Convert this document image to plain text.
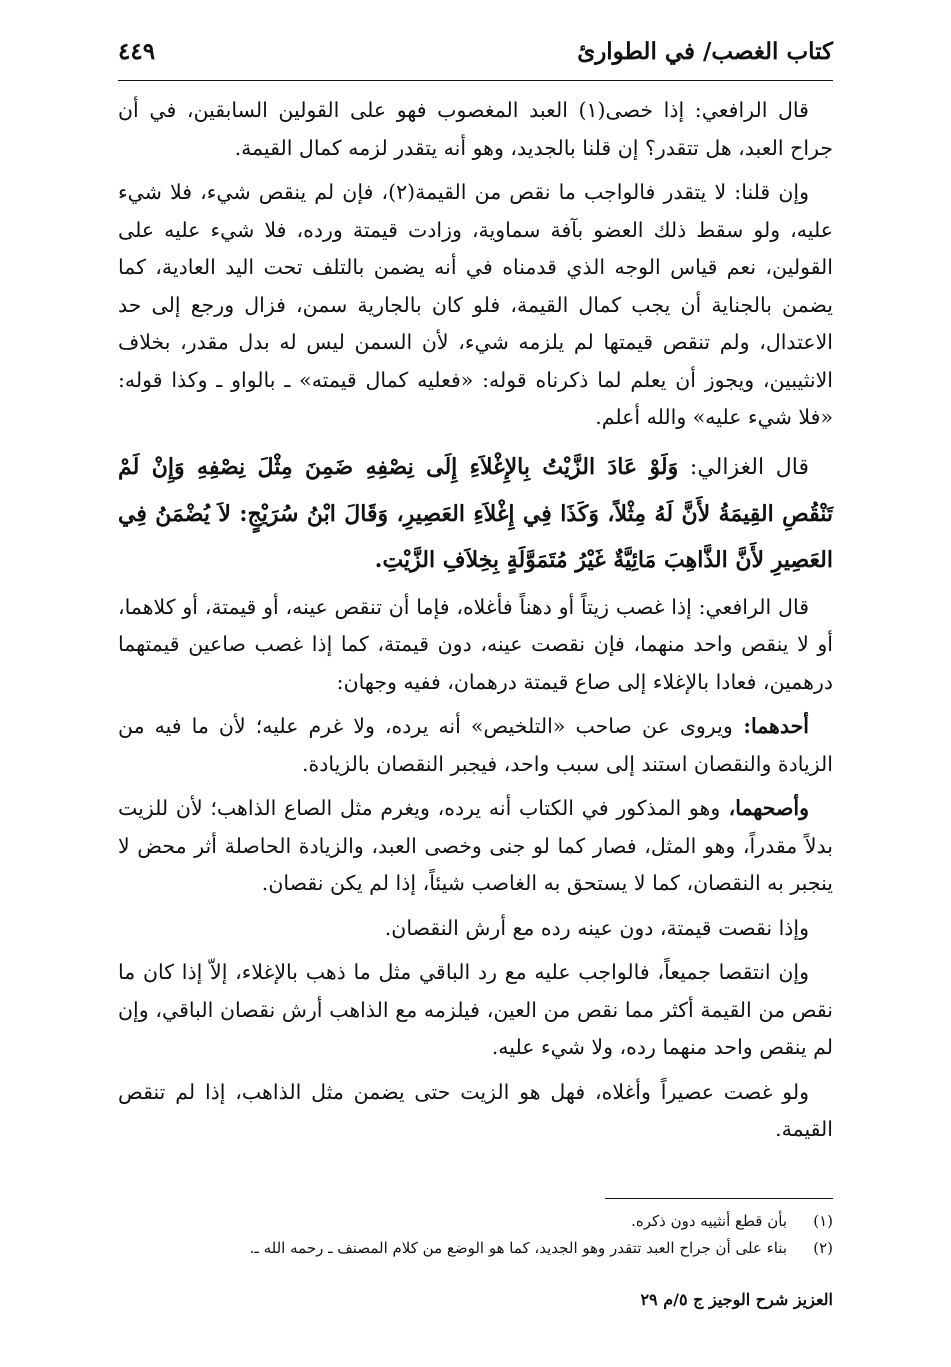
كتاب الغصب/ في الطوارئ
٤٤٩

قال الرافعي: إذا خصى(١) العبد المغصوب فهو على القولين السابقين، في أن جراح العبد، هل تتقدر؟ إن قلنا بالجديد، وهو أنه يتقدر لزمه كمال القيمة.

وإن قلنا: لا يتقدر فالواجب ما نقص من القيمة(٢)، فإن لم ينقص شيء، فلا شيء عليه، ولو سقط ذلك العضو بآفة سماوية، وزادت قيمتة ورده، فلا شيء عليه على القولين، نعم قياس الوجه الذي قدمناه في أنه يضمن بالتلف تحت اليد العادية، كما يضمن بالجناية أن يجب كمال القيمة، فلو كان بالجارية سمن، فزال ورجع إلى حد الاعتدال، ولم تنقص قيمتها لم يلزمه شيء، لأن السمن ليس له بدل مقدر، بخلاف الانثيبين، ويجوز أن يعلم لما ذكرناه قوله: «فعليه كمال قيمته» ـ بالواو ـ وكذا قوله: «فلا شيء عليه» والله أعلم.

قال الغزالي: وَلَوْ عَادَ الزَّيْتُ بِالإِغْلاَءِ إِلَى نِصْفِهِ ضَمِنَ مِثْلَ نِصْفِهِ وَإِنْ لَمْ تَنْقُصِ القِيمَةُ لأَنَّ لَهُ مِثْلاً، وَكَذَا فِي إِغْلاَءِ العَصِيرِ، وَقَالَ ابْنُ سُرَيْجٍ: لاَ يُضْمَنُ فِي العَصِيرِ لأَنَّ الذَّاهِبَ مَائِيَّةٌ غَيْرُ مُتَمَوَّلَةٍ بِخِلاَفِ الزَّيْتِ.

قال الرافعي: إذا غصب زيتاً أو دهناً فأغلاه، فإما أن تنقص عينه، أو قيمتة، أو كلاهما، أو لا ينقص واحد منهما، فإن نقصت عينه، دون قيمتة، كما إذا غصب صاعين قيمتهما درهمين، فعادا بالإغلاء إلى صاع قيمتة درهمان، ففيه وجهان:

أحدهما: ويروى عن صاحب «التلخيص» أنه يرده، ولا غرم عليه؛ لأن ما فيه من الزيادة والنقصان استند إلى سبب واحد، فيجبر النقصان بالزيادة.

وأصحهما، وهو المذكور في الكتاب أنه يرده، ويغرم مثل الصاع الذاهب؛ لأن للزيت بدلاً مقدراً، وهو المثل، فصار كما لو جنى وخصى العبد، والزيادة الحاصلة أثر محض لا ينجبر به النقصان، كما لا يستحق به الغاصب شيئاً، إذا لم يكن نقصان.

وإذا نقصت قيمتة، دون عينه رده مع أرش النقصان.

وإن انتقصا جميعاً، فالواجب عليه مع رد الباقي مثل ما ذهب بالإغلاء، إلاّ إذا كان ما نقص من القيمة أكثر مما نقص من العين، فيلزمه مع الذاهب أرش نقصان الباقي، وإن لم ينقص واحد منهما رده، ولا شيء عليه.

ولو غصت عصيراً وأغلاه، فهل هو الزيت حتى يضمن مثل الذاهب، إذا لم تنقص القيمة.

(١)
بأن قطع أنثييه دون ذكره.
(٢)
بناء على أن جراح العبد تتقدر وهو الجديد، كما هو الوضع من كلام المصنف ـ رحمه الله ـ.
العزيز شرح الوجيز ج ٥/م ٢٩
